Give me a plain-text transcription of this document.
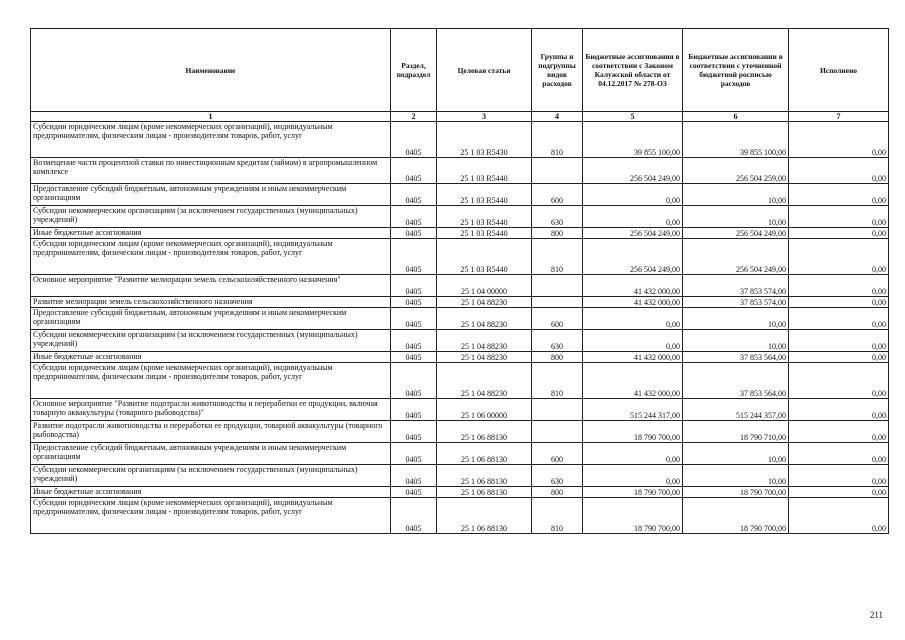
Наименование	Раздел, подраздел	Целевая статья	Группы и подгруппы видов расходов	Бюджетные ассигнования в соответствии с Законом Калужской области от 04.12.2017 № 278-ОЗ	Бюджетные ассигновании в соответствии с уточненной бюджетной росписью расходов	Исполнено
1	2	3	4	5	6	7
Субсидии юридическим лицам (кроме некоммерческих организаций), индивидуальным предпринимателям, физическим лицам - производителям товаров, работ, услуг	0405	25 1 03 R5430	810	39 855 100,00	39 855 100,00	0,00
Возмещение части процентной ставки по инвестиционным кредитам (займам) в агропромышленном комплексе	0405	25 1 03 R5440		256 504 249,00	256 504 259,00	0,00
Предоставление субсидий бюджетным, автономным учреждениям и иным некоммерческим организациям	0405	25 1 03 R5440	600	0,00	10,00	0,00
Субсидии некоммерческим организациям (за исключением государственных (муниципальных) учреждений)	0405	25 1 03 R5440	630	0,00	10,00	0,00
Иные бюджетные ассигнования	0405	25 1 03 R5440	800	256 504 249,00	256 504 249,00	0,00
Субсидии юридическим лицам (кроме некоммерческих организаций), индивидуальным предпринимателям, физическим лицам - производителям товаров, работ, услуг	0405	25 1 03 R5440	810	256 504 249,00	256 504 249,00	0,00
Основное мероприятие "Развитие мелиорации земель сельскохозяйственного назначения"	0405	25 1 04 00000		41 432 000,00	37 853 574,00	0,00
Развитие мелиорации земель сельскохозяйственного назначения	0405	25 1 04 88230		41 432 000,00	37 853 574,00	0,00
Предоставление субсидий бюджетным, автономным учреждениям и иным некоммерческим организациям	0405	25 1 04 88230	600	0,00	10,00	0,00
Субсидии некоммерческим организациям (за исключением государственных (муниципальных) учреждений)	0405	25 1 04 88230	630	0,00	10,00	0,00
Иные бюджетные ассигнования	0405	25 1 04 88230	800	41 432 000,00	37 853 564,00	0,00
Субсидии юридическим лицам (кроме некоммерческих организаций), индивидуальным предпринимателям, физическим лицам - производителям товаров, работ, услуг	0405	25 1 04 88230	810	41 432 000,00	37 853 564,00	0,00
Основное мероприятие "Развитие подотрасли животноводства и переработки ее продукции, включая товарную аквакультуры (товарного рыбоводства)"	0405	25 1 06 00000		515 244 317,00	515 244 357,00	0,00
Развитие подотрасли животноводства и переработки ее продукции, товарной аквакультуры (товарного рыбоводства)	0405	25 1 06 88130		18 790 700,00	18 790 710,00	0,00
Предоставление субсидий бюджетным, автономным учреждениям и иным некоммерческим организациям	0405	25 1 06 88130	600	0,00	10,00	0,00
Субсидии некоммерческим организациям (за исключением государственных (муниципальных) учреждений)	0405	25 1 06 88130	630	0,00	10,00	0,00
Иные бюджетные ассигнования	0405	25 1 06 88130	800	18 790 700,00	18 790 700,00	0,00
Субсидии юридическим лицам (кроме некоммерческих организаций), индивидуальным предпринимателям, физическим лицам - производителям товаров, работ, услуг	0405	25 1 06 88130	810	18 790 700,00	18 790 700,00	0,00
211
